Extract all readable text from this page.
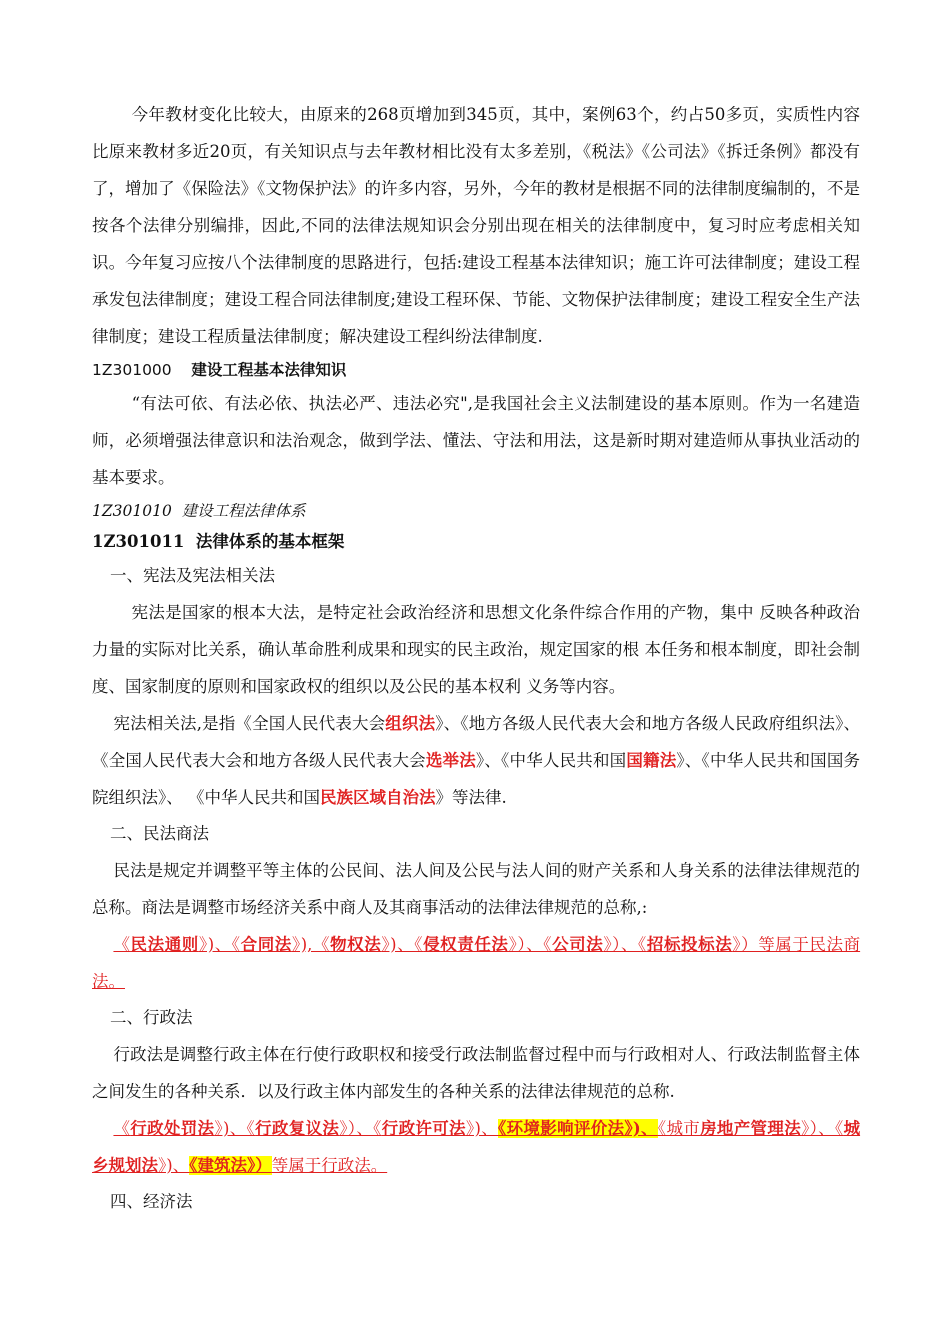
今年教材变化比较大，由原来的268页增加到345页，其中，案例63个，约占50多页，实质性内容比原来教材多近20页，有关知识点与去年教材相比没有太多差别，《税法》《公司法》《拆迁条例》都没有了，增加了《保险法》《文物保护法》的许多内容，另外，今年的教材是根据不同的法律制度编制的，不是按各个法律分别编排，因此,不同的法律法规知识会分别出现在相关的法律制度中，复习时应考虑相关知识。今年复习应按八个法律制度的思路进行，包括:建设工程基本法律知识；施工许可法律制度；建设工程承发包法律制度；建设工程合同法律制度;建设工程环保、节能、文物保护法律制度；建设工程安全生产法律制度；建设工程质量法律制度；解决建设工程纠纷法律制度.

1Z301000 建设工程基本法律知识

“有法可依、有法必依、执法必严、违法必究",是我国社会主义法制建设的基本原则。作为一名建造师，必须增强法律意识和法治观念，做到学法、懂法、守法和用法，这是新时期对建造师从事执业活动的基本要求。

1Z301010 建设工程法律体系

1Z301011 法律体系的基本框架

一、宪法及宪法相关法

宪法是国家的根本大法，是特定社会政治经济和思想文化条件综合作用的产物，集中 反映各种政治力量的实际对比关系，确认革命胜利成果和现实的民主政治，规定国家的根 本任务和根本制度，即社会制度、国家制度的原则和国家政权的组织以及公民的基本权利 义务等内容。

宪法相关法,是指《全国人民代表大会组织法》、《地方各级人民代表大会和地方各级人民政府组织法》、《全国人民代表大会和地方各级人民代表大会选举法》、《中华人民共和国国籍法》、《中华人民共和国国务院组织法》、 《中华人民共和国民族区域自治法》等法律.

二、民法商法

民法是规定并调整平等主体的公民间、法人间及公民与法人间的财产关系和人身关系的法律法律规范的总称。商法是调整市场经济关系中商人及其商事活动的法律法律规范的总称,:

《民法通则》)、《合同法》),《物权法》)、《侵权责任法》）、《公司法》）、《招标投标法》）等属于民法商法。

二、行政法

行政法是调整行政主体在行使行政职权和接受行政法制监督过程中而与行政相对人、行政法制监督主体之间发生的各种关系．以及行政主体内部发生的各种关系的法律法律规范的总称.

《行政处罚法》)、《行政复议法》）、《行政许可法》)、《环境影响评价法》)、《城市房地产管理法》）、《城乡规划法》)、《建筑法》）等属于行政法。

四、经济法
